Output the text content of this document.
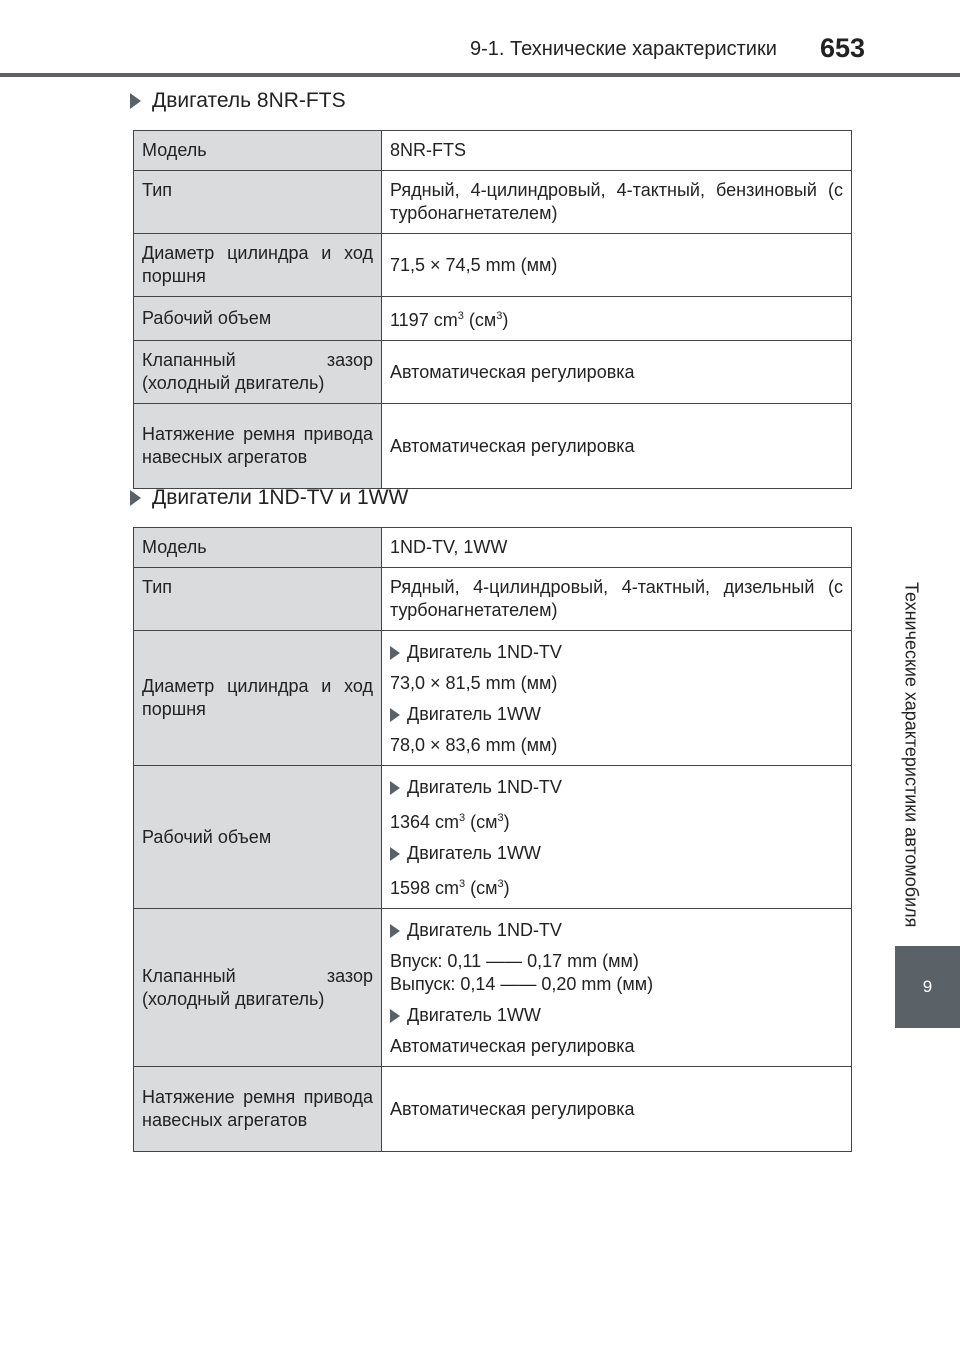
9-1. Технические характеристики	653
Технические характеристики автомобиля
9
Двигатель 8NR-FTS
Модель	8NR-FTS
Тип	Рядный, 4-цилиндровый, 4-тактный, бензиновый (с турбонагнетателем)
Диаметр цилиндра и ход поршня	71,5 × 74,5 mm (мм)
Рабочий объем	1197 $cm^3$ $(см^3)$
Клапанный зазор (холодный двигатель)	Автоматическая регулировка
Натяжение ремня привода навесных агрегатов	Автоматическая регулировка
Двигатели 1ND-TV и 1WW
Модель	1ND-TV, 1WW
Тип	Рядный, 4-цилиндровый, 4-тактный, дизельный (с турбонагнетателем)
Диаметр цилиндра и ход поршня	Двигатель 1ND-TV
73,0 × 81,5 mm (мм)
Двигатель 1WW
78,0 × 83,6 mm (мм)

Рабочий объем	Двигатель 1ND-TV
1364 $cm^3$ $(см^3)$
Двигатель 1WW
1598 $cm^3$ $(см^3)$

Клапанный зазор (холодный двигатель)	Двигатель 1ND-TV
Впуск: 0,11 —— 0,17 mm (мм)
Выпуск: 0,14 —— 0,20 mm (мм)
Двигатель 1WW
Автоматическая регулировка

Натяжение ремня привода навесных агрегатов	Автоматическая регулировка
